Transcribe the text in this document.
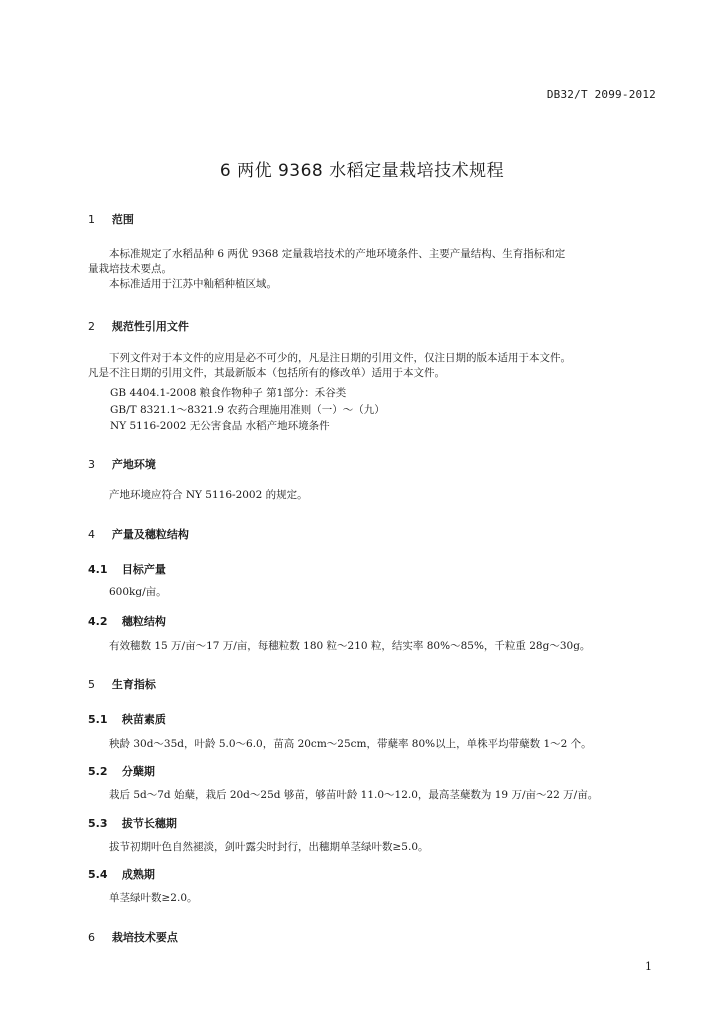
DB32/T 2099-2012
6 两优 9368 水稻定量栽培技术规程
1 范围
本标准规定了水稻品种 6 两优 9368 定量栽培技术的产地环境条件、主要产量结构、生育指标和定
量栽培技术要点。
本标准适用于江苏中籼稻种植区域。
2 规范性引用文件
下列文件对于本文件的应用是必不可少的，凡是注日期的引用文件，仅注日期的版本适用于本文件。
凡是不注日期的引用文件，其最新版本（包括所有的修改单）适用于本文件。
GB 4404.1-2008 粮食作物种子 第1部分：禾谷类
GB/T 8321.1～8321.9 农药合理施用准则（一）～（九）
NY 5116-2002 无公害食品 水稻产地环境条件
3 产地环境
产地环境应符合 NY 5116-2002 的规定。
4 产量及穗粒结构
4.1 目标产量
600kg/亩。
4.2 穗粒结构
有效穗数 15 万/亩～17 万/亩，每穗粒数 180 粒～210 粒，结实率 80%～85%，千粒重 28g～30g。
5 生育指标
5.1 秧苗素质
秧龄 30d～35d，叶龄 5.0～6.0，苗高 20cm～25cm，带蘖率 80%以上，单株平均带蘖数 1～2 个。
5.2 分蘖期
栽后 5d～7d 始蘖，栽后 20d～25d 够苗，够苗叶龄 11.0～12.0，最高茎蘖数为 19 万/亩～22 万/亩。
5.3 拔节长穗期
拔节初期叶色自然褪淡，剑叶露尖时封行，出穗期单茎绿叶数≥5.0。
5.4 成熟期
单茎绿叶数≥2.0。
6 栽培技术要点
1
